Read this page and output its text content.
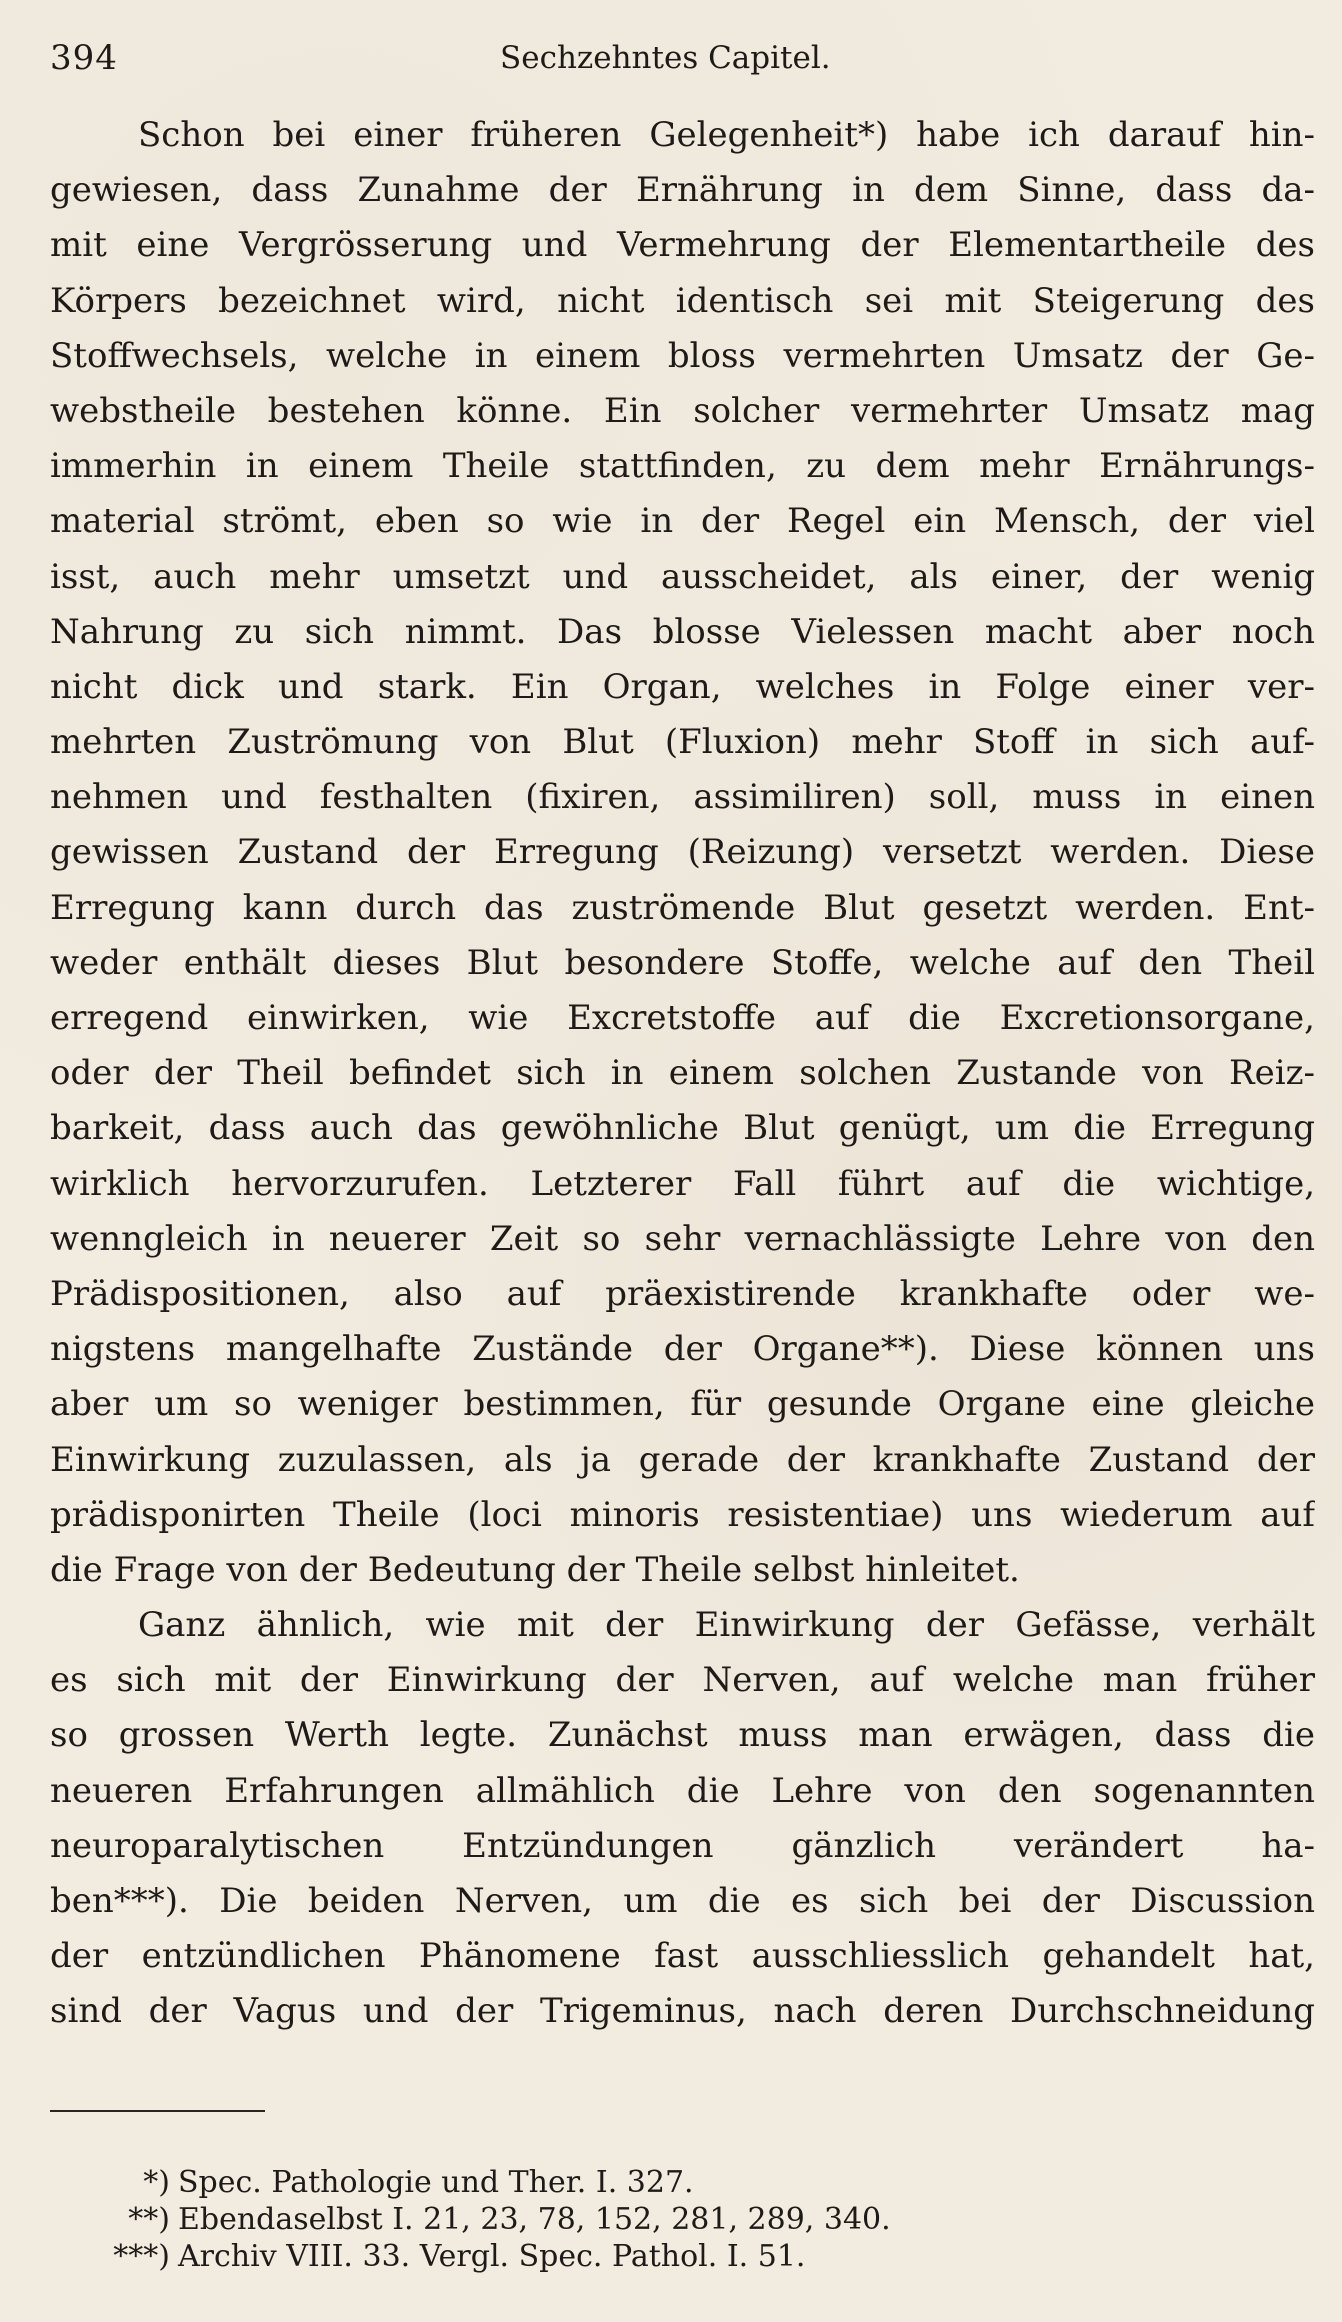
394	Sechzehntes Capitel.
Schon bei einer früheren Gelegenheit*) habe ich darauf hin-
gewiesen, dass Zunahme der Ernährung in dem Sinne, dass da-
mit eine Vergrösserung und Vermehrung der Elementartheile des
Körpers bezeichnet wird, nicht identisch sei mit Steigerung des
Stoffwechsels, welche in einem bloss vermehrten Umsatz der Ge-
webstheile bestehen könne. Ein solcher vermehrter Umsatz mag
immerhin in einem Theile stattfinden, zu dem mehr Ernährungs-
material strömt, eben so wie in der Regel ein Mensch, der viel
isst, auch mehr umsetzt und ausscheidet, als einer, der wenig
Nahrung zu sich nimmt. Das blosse Vielessen macht aber noch
nicht dick und stark. Ein Organ, welches in Folge einer ver-
mehrten Zuströmung von Blut (Fluxion) mehr Stoff in sich auf-
nehmen und festhalten (fixiren, assimiliren) soll, muss in einen
gewissen Zustand der Erregung (Reizung) versetzt werden. Diese
Erregung kann durch das zuströmende Blut gesetzt werden. Ent-
weder enthält dieses Blut besondere Stoffe, welche auf den Theil
erregend einwirken, wie Excretstoffe auf die Excretionsorgane,
oder der Theil befindet sich in einem solchen Zustande von Reiz-
barkeit, dass auch das gewöhnliche Blut genügt, um die Erregung
wirklich hervorzurufen. Letzterer Fall führt auf die wichtige,
wenngleich in neuerer Zeit so sehr vernachlässigte Lehre von den
Prädispositionen, also auf präexistirende krankhafte oder we-
nigstens mangelhafte Zustände der Organe**). Diese können uns
aber um so weniger bestimmen, für gesunde Organe eine gleiche
Einwirkung zuzulassen, als ja gerade der krankhafte Zustand der
prädisponirten Theile (loci minoris resistentiae) uns wiederum auf
die Frage von der Bedeutung der Theile selbst hinleitet.
Ganz ähnlich, wie mit der Einwirkung der Gefässe, verhält
es sich mit der Einwirkung der Nerven, auf welche man früher
so grossen Werth legte. Zunächst muss man erwägen, dass die
neueren Erfahrungen allmählich die Lehre von den sogenannten
neuroparalytischen Entzündungen gänzlich verändert ha-
ben***). Die beiden Nerven, um die es sich bei der Discussion
der entzündlichen Phänomene fast ausschliesslich gehandelt hat,
sind der Vagus und der Trigeminus, nach deren Durchschneidung
*) Spec. Pathologie und Ther. I. 327.
**) Ebendaselbst I. 21, 23, 78, 152, 281, 289, 340.
***) Archiv VIII. 33. Vergl. Spec. Pathol. I. 51.
